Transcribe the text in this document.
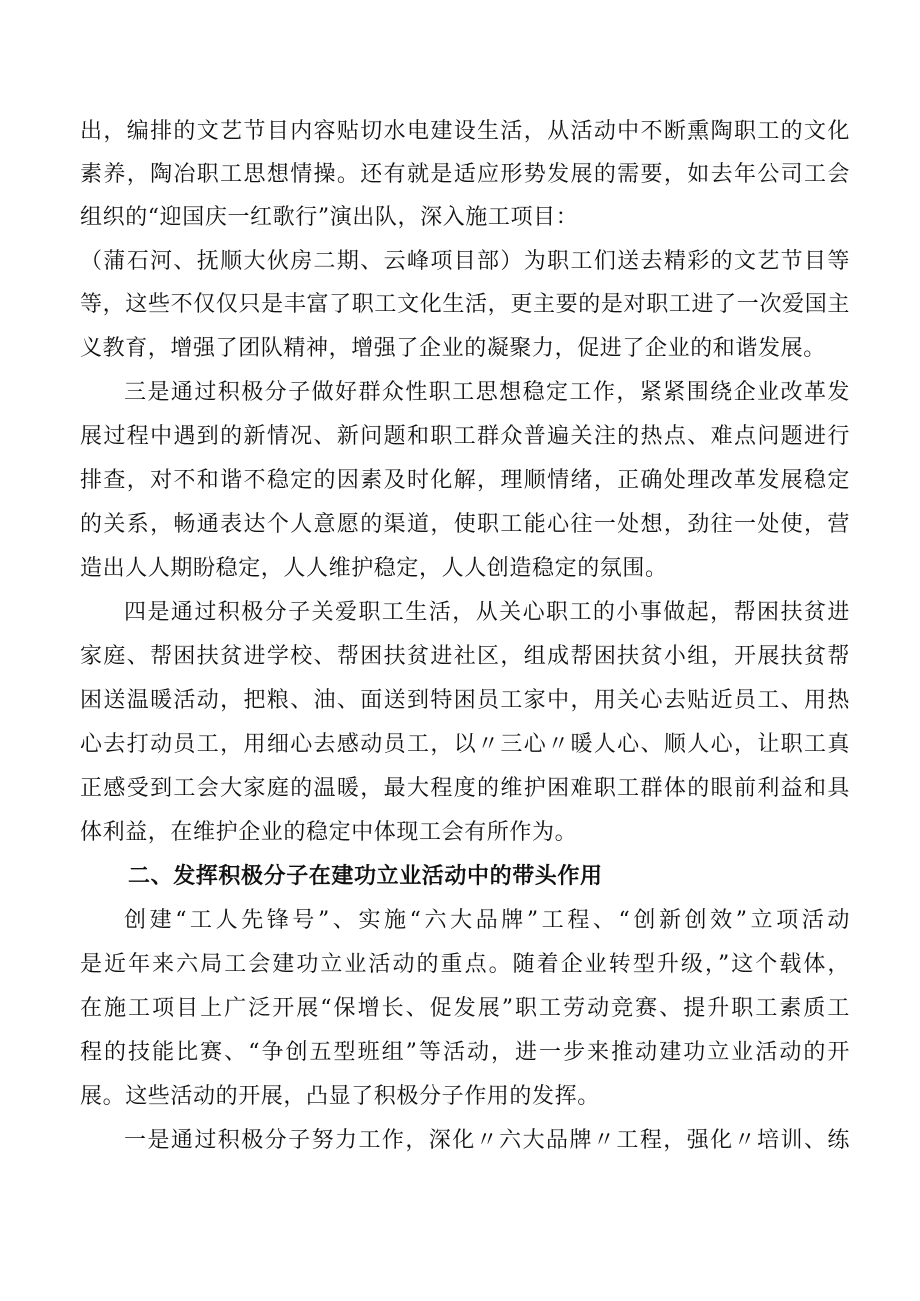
出，编排的文艺节目内容贴切水电建设生活，从活动中不断熏陶职工的文化
素养，陶冶职工思想情操。还有就是适应形势发展的需要，如去年公司工会
组织的“迎国庆一红歌行”演出队，深入施工项目：
（蒲石河、抚顺大伙房二期、云峰项目部）为职工们送去精彩的文艺节目等
等，这些不仅仅只是丰富了职工文化生活，更主要的是对职工进了一次爱国主
义教育，增强了团队精神，增强了企业的凝聚力，促进了企业的和谐发展。
三是通过积极分子做好群众性职工思想稳定工作，紧紧围绕企业改革发
展过程中遇到的新情况、新问题和职工群众普遍关注的热点、难点问题进行
排查，对不和谐不稳定的因素及时化解，理顺情绪，正确处理改革发展稳定
的关系，畅通表达个人意愿的渠道，使职工能心往一处想，劲往一处使，营
造出人人期盼稳定，人人维护稳定，人人创造稳定的氛围。
四是通过积极分子关爱职工生活，从关心职工的小事做起，帮困扶贫进
家庭、帮困扶贫进学校、帮困扶贫进社区，组成帮困扶贫小组，开展扶贫帮
困送温暖活动，把粮、油、面送到特困员工家中，用关心去贴近员工、用热
心去打动员工，用细心去感动员工，以〃三心〃暖人心、顺人心，让职工真
正感受到工会大家庭的温暖，最大程度的维护困难职工群体的眼前利益和具
体利益，在维护企业的稳定中体现工会有所作为。
二、发挥积极分子在建功立业活动中的带头作用
创建“工人先锋号”、实施“六大品牌”工程、“创新创效”立项活动
是近年来六局工会建功立业活动的重点。随着企业转型升级，”这个载体，
在施工项目上广泛开展“保增长、促发展”职工劳动竞赛、提升职工素质工
程的技能比赛、“争创五型班组”等活动，进一步来推动建功立业活动的开
展。这些活动的开展，凸显了积极分子作用的发挥。
一是通过积极分子努力工作，深化〃六大品牌〃工程，强化〃培训、练
